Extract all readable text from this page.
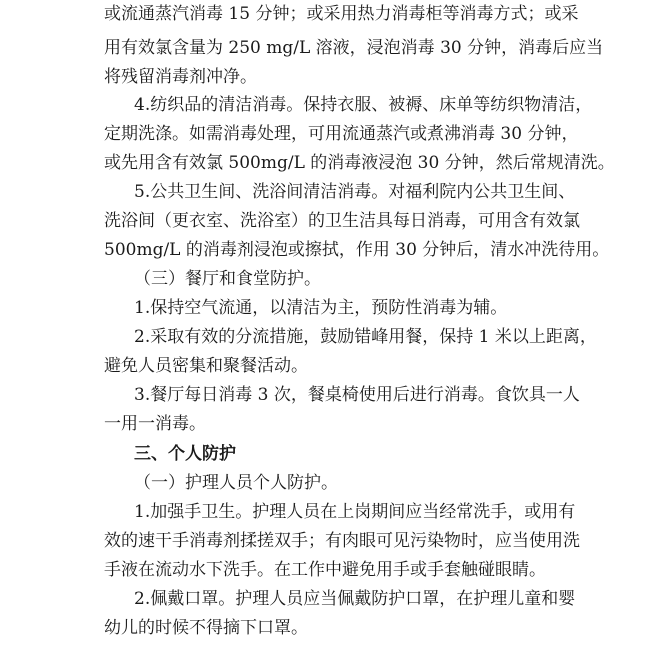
或流通蒸汽消毒 15 分钟；或采用热力消毒柜等消毒方式；或采
用有效氯含量为 250 mg/L 溶液，浸泡消毒 30 分钟，消毒后应当
将残留消毒剂冲净。
4.纺织品的清洁消毒。保持衣服、被褥、床单等纺织物清洁，
定期洗涤。如需消毒处理，可用流通蒸汽或煮沸消毒 30 分钟，
或先用含有效氯 500mg/L 的消毒液浸泡 30 分钟，然后常规清洗。
5.公共卫生间、洗浴间清洁消毒。对福利院内公共卫生间、
洗浴间（更衣室、洗浴室）的卫生洁具每日消毒，可用含有效氯
500mg/L 的消毒剂浸泡或擦拭，作用 30 分钟后，清水冲洗待用。
（三）餐厅和食堂防护。
1.保持空气流通，以清洁为主，预防性消毒为辅。
2.采取有效的分流措施，鼓励错峰用餐，保持 1 米以上距离，
避免人员密集和聚餐活动。
3.餐厅每日消毒 3 次，餐桌椅使用后进行消毒。食饮具一人
一用一消毒。
三、个人防护
（一）护理人员个人防护。
1.加强手卫生。护理人员在上岗期间应当经常洗手，或用有
效的速干手消毒剂揉搓双手；有肉眼可见污染物时，应当使用洗
手液在流动水下洗手。在工作中避免用手或手套触碰眼睛。
2.佩戴口罩。护理人员应当佩戴防护口罩，在护理儿童和婴
幼儿的时候不得摘下口罩。
